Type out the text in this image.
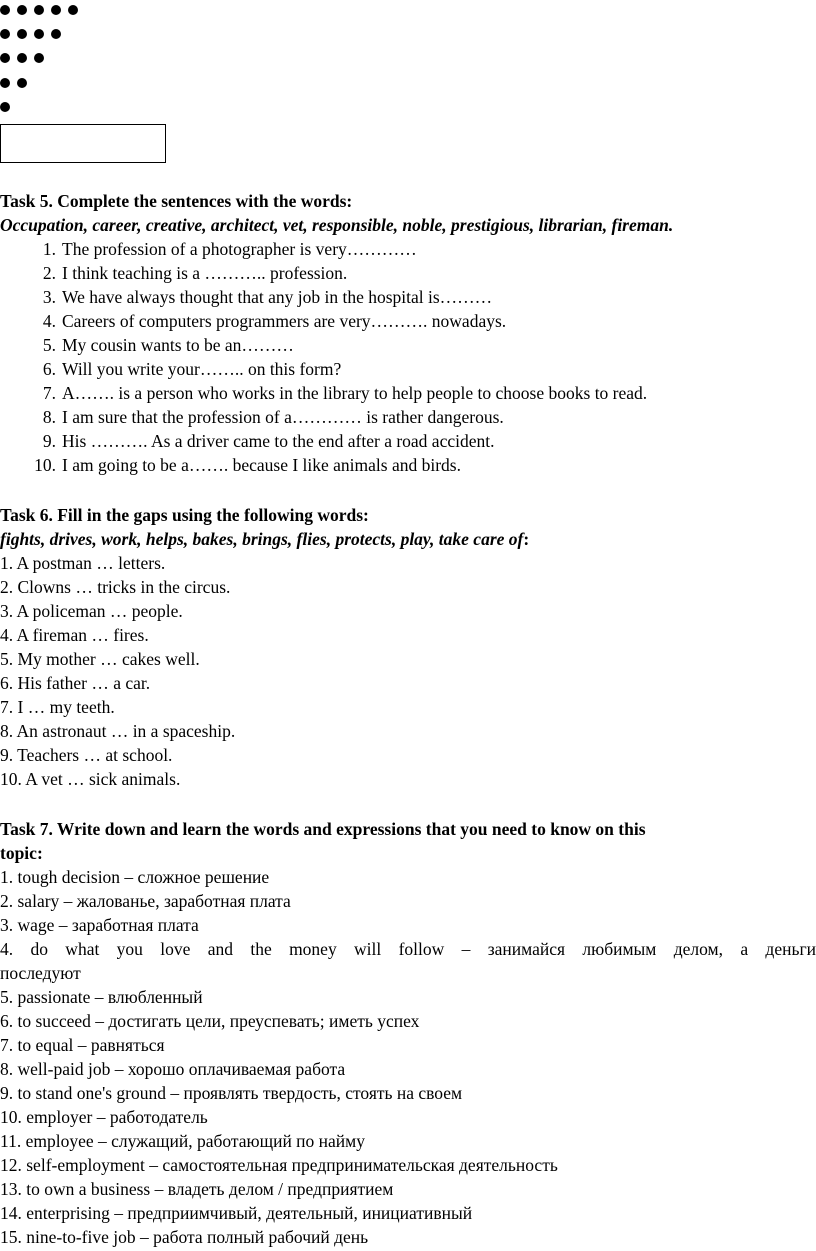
Task 5. Complete the sentences with the words:
Occupation, career, creative, architect, vet, responsible, noble, prestigious, librarian, fireman.
1. The profession of a photographer is very…………
2. I think teaching is a ……….. profession.
3. We have always thought that any job in the hospital is………
4. Careers of computers programmers are very………. nowadays.
5. My cousin wants to be an………
6. Will you write your…….. on this form?
7. A……. is a person who works in the library to help people to choose books to read.
8. I am sure that the profession of a………… is rather dangerous.
9. His ………. As a driver came to the end after a road accident.
10. I am going to be a……. because I like animals and birds.
Task 6. Fill in the gaps using the following words:
fights, drives, work, helps, bakes, brings, flies, protects, play, take care of:
1. A postman … letters.
2. Clowns … tricks in the circus.
3. A policeman … people.
4. A fireman … fires.
5. My mother … cakes well.
6. His father … a car.
7. I … my teeth.
8. An astronaut … in a spaceship.
9. Teachers … at school.
10. A vet … sick animals.
Task 7. Write down and learn the words and expressions that you need to know on this
topic:
1. tough decision – сложное решение
2. salary – жалованье, заработная плата
3. wage – заработная плата
4. do what you love and the money will follow – занимайся любимым делом, а деньги
последуют
5. passionate – влюбленный
6. to succeed – достигать цели, преуспевать; иметь успех
7. to equal – равняться
8. well-paid job – хорошо оплачиваемая работа
9. to stand one's ground – проявлять твердость, стоять на своем
10. employer – работодатель
11. employee – служащий, работающий по найму
12. self-employment – самостоятельная предпринимательская деятельность
13. to own a business – владеть делом / предприятием
14. enterprising – предприимчивый, деятельный, инициативный
15. nine-to-five job – работа полный рабочий день
